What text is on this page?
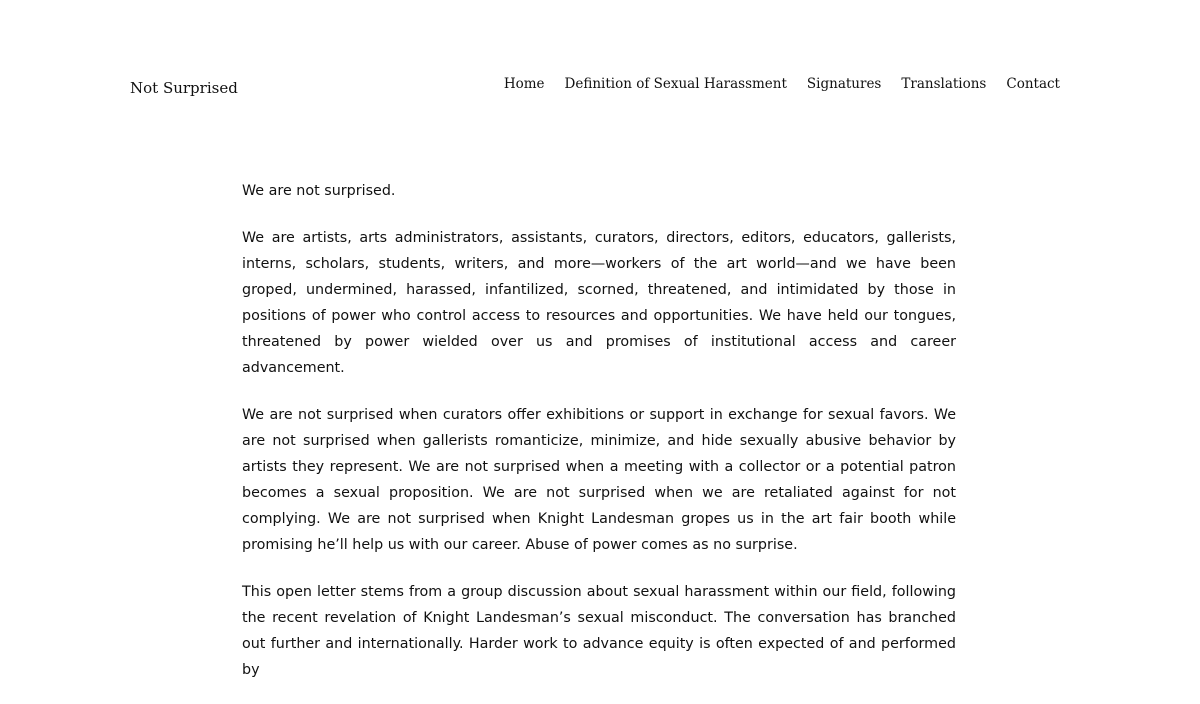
Not Surprised	Home Definition of Sexual Harassment Signatures Translations Contact

We are not surprised.

We are artists, arts administrators, assistants, curators, directors, editors, educators, gallerists, interns, scholars, students, writers, and more—workers of the art world—and we have been groped, undermined, harassed, infantilized, scorned, threatened, and intimidated by those in positions of power who control access to resources and opportunities. We have held our tongues, threatened by power wielded over us and promises of institutional access and career advancement.

We are not surprised when curators offer exhibitions or support in exchange for sexual favors. We are not surprised when gallerists romanticize, minimize, and hide sexually abusive behavior by artists they represent. We are not surprised when a meeting with a collector or a potential patron becomes a sexual proposition. We are not surprised when we are retaliated against for not complying. We are not surprised when Knight Landesman gropes us in the art fair booth while promising he’ll help us with our career. Abuse of power comes as no surprise.

This open letter stems from a group discussion about sexual harassment within our field, following the recent revelation of Knight Landesman’s sexual misconduct. The conversation has branched out further and internationally. Harder work to advance equity is often expected of and performed by
